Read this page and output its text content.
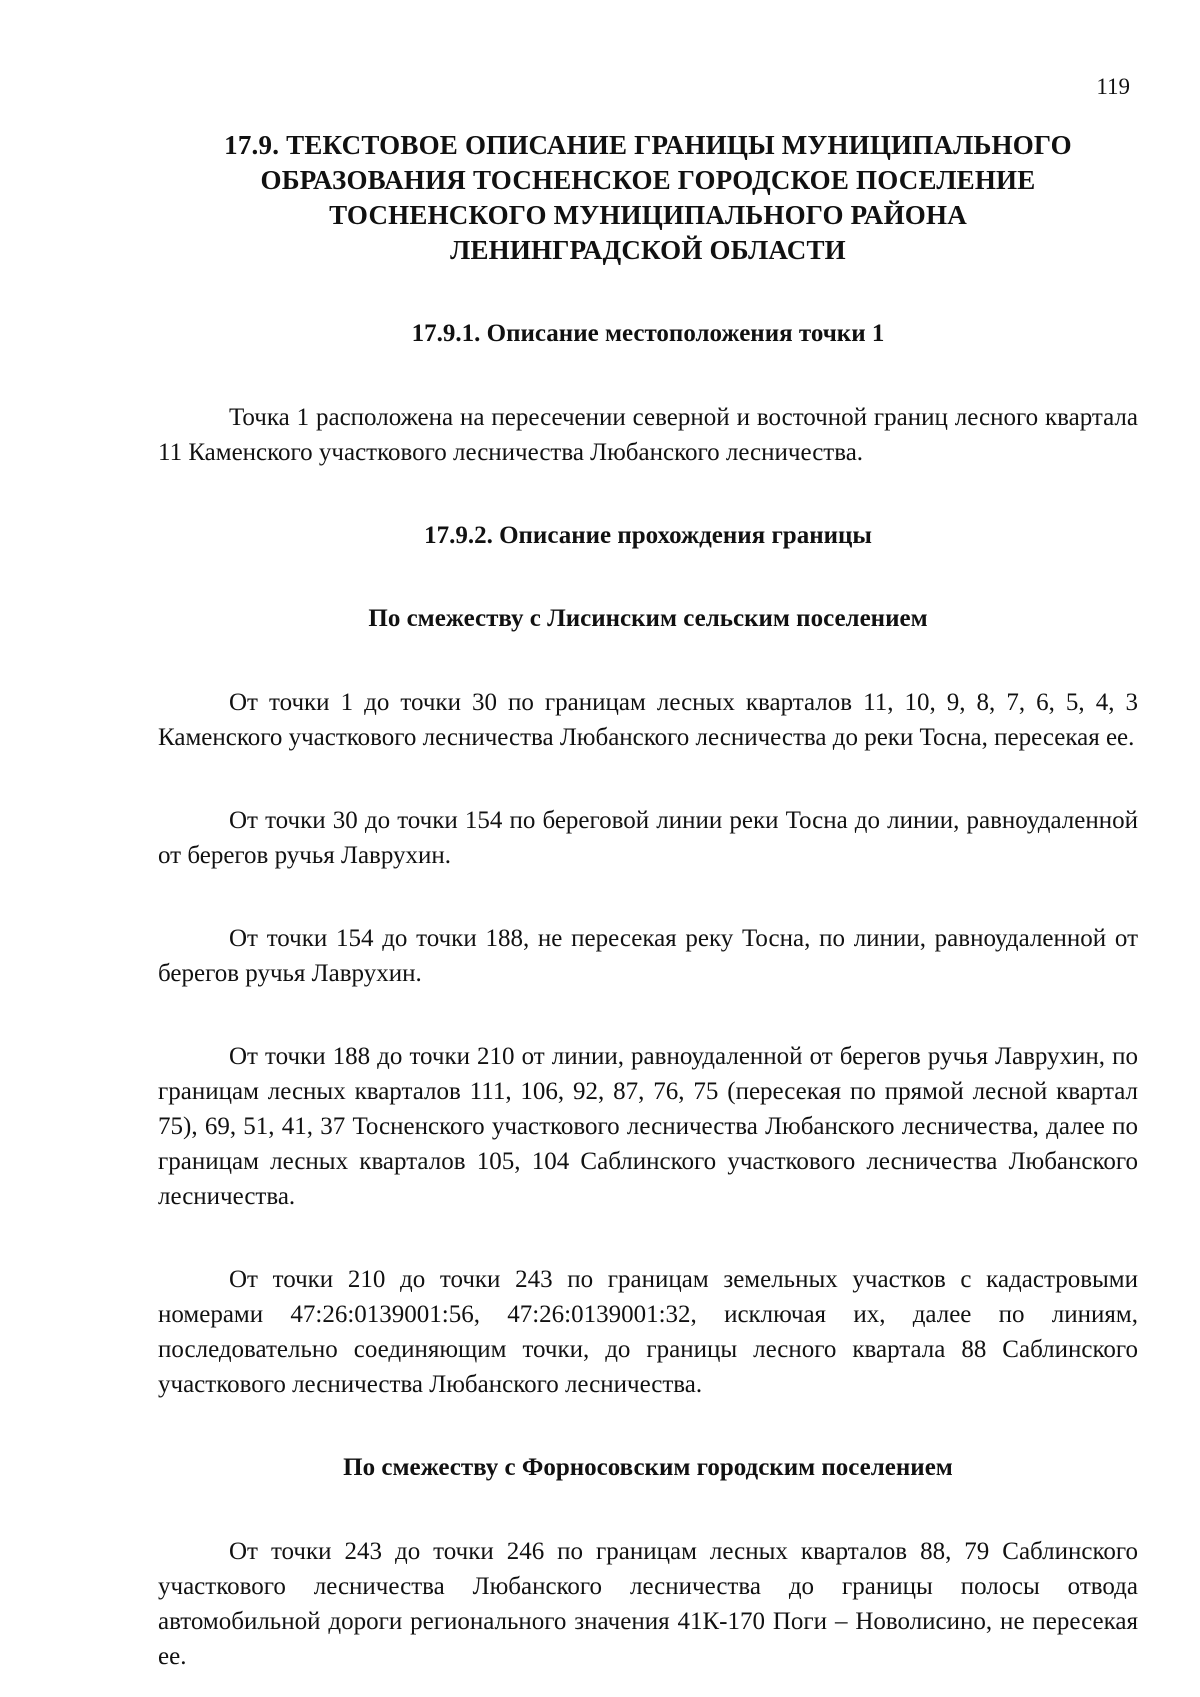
119
17.9. ТЕКСТОВОЕ ОПИСАНИЕ ГРАНИЦЫ МУНИЦИПАЛЬНОГО
ОБРАЗОВАНИЯ ТОСНЕНСКОЕ ГОРОДСКОЕ ПОСЕЛЕНИЕ
ТОСНЕНСКОГО МУНИЦИПАЛЬНОГО РАЙОНА
ЛЕНИНГРАДСКОЙ ОБЛАСТИ
17.9.1. Описание местоположения точки 1

Точка 1 расположена на пересечении северной и восточной границ лесного квартала 11 Каменского участкового лесничества Любанского лесничества.

17.9.2. Описание прохождения границы
По смежеству с Лисинским сельским поселением

От точки 1 до точки 30 по границам лесных кварталов 11, 10, 9, 8, 7, 6, 5, 4, 3 Каменского участкового лесничества Любанского лесничества до реки Тосна, пересекая ее.

От точки 30 до точки 154 по береговой линии реки Тосна до линии, равноудаленной от берегов ручья Лаврухин.

От точки 154 до точки 188, не пересекая реку Тосна, по линии, равноудаленной от берегов ручья Лаврухин.

От точки 188 до точки 210 от линии, равноудаленной от берегов ручья Лаврухин, по границам лесных кварталов 111, 106, 92, 87, 76, 75 (пересекая по прямой лесной квартал 75), 69, 51, 41, 37 Тосненского участкового лесничества Любанского лесничества, далее по границам лесных кварталов 105, 104 Саблинского участкового лесничества Любанского лесничества.

От точки 210 до точки 243 по границам земельных участков с кадастровыми номерами 47:26:0139001:56, 47:26:0139001:32, исключая их, далее по линиям, последовательно соединяющим точки, до границы лесного квартала 88 Саблинского участкового лесничества Любанского лесничества.

По смежеству с Форносовским городским поселением

От точки 243 до точки 246 по границам лесных кварталов 88, 79 Саблинского участкового лесничества Любанского лесничества до границы полосы отвода автомобильной дороги регионального значения 41К-170 Поги – Новолисино, не пересекая ее.
